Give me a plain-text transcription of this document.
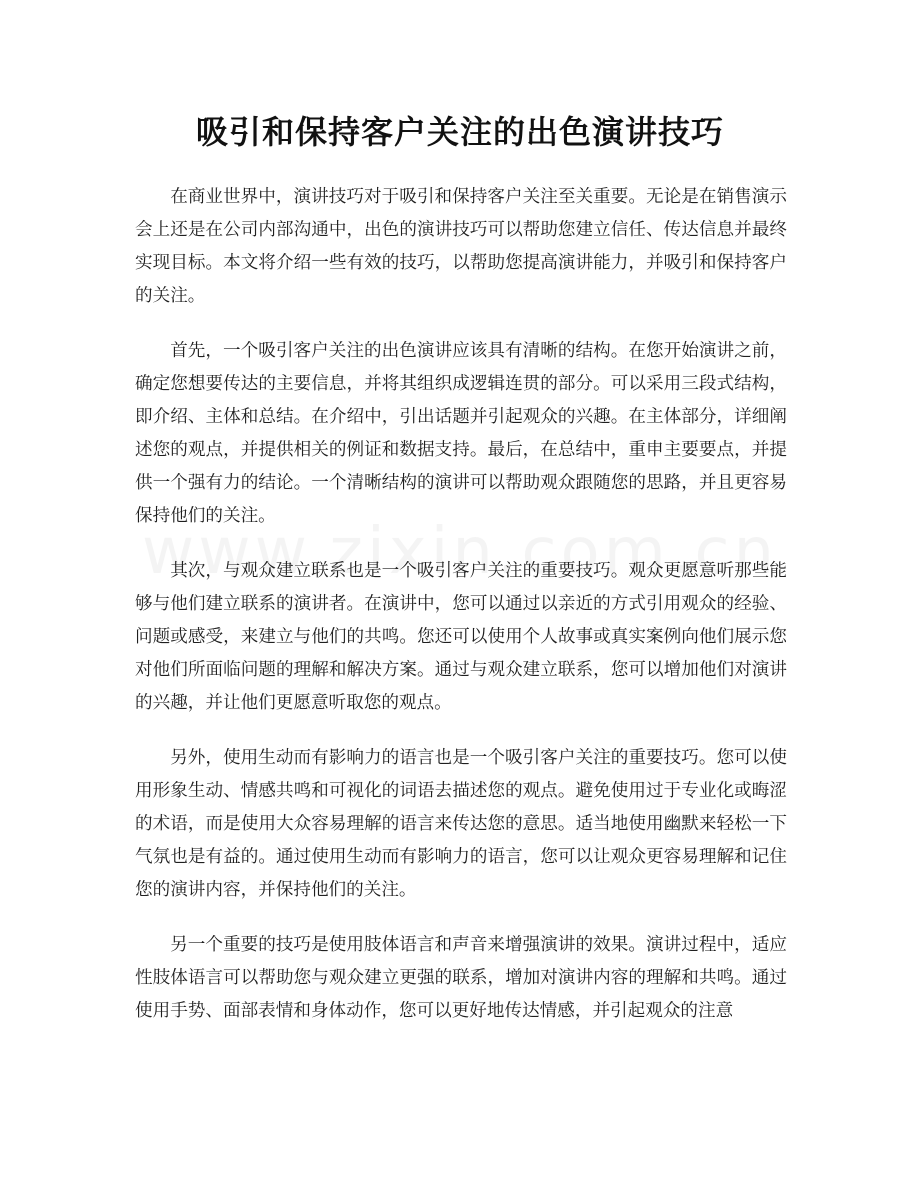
吸引和保持客户关注的出色演讲技巧

在商业世界中，演讲技巧对于吸引和保持客户关注至关重要。无论是在销售演示会上还是在公司内部沟通中，出色的演讲技巧可以帮助您建立信任、传达信息并最终实现目标。本文将介绍一些有效的技巧，以帮助您提高演讲能力，并吸引和保持客户的关注。

首先，一个吸引客户关注的出色演讲应该具有清晰的结构。在您开始演讲之前，确定您想要传达的主要信息，并将其组织成逻辑连贯的部分。可以采用三段式结构，即介绍、主体和总结。在介绍中，引出话题并引起观众的兴趣。在主体部分，详细阐述您的观点，并提供相关的例证和数据支持。最后，在总结中，重申主要要点，并提供一个强有力的结论。一个清晰结构的演讲可以帮助观众跟随您的思路，并且更容易保持他们的关注。

其次，与观众建立联系也是一个吸引客户关注的重要技巧。观众更愿意听那些能够与他们建立联系的演讲者。在演讲中，您可以通过以亲近的方式引用观众的经验、问题或感受，来建立与他们的共鸣。您还可以使用个人故事或真实案例向他们展示您对他们所面临问题的理解和解决方案。通过与观众建立联系，您可以增加他们对演讲的兴趣，并让他们更愿意听取您的观点。

另外，使用生动而有影响力的语言也是一个吸引客户关注的重要技巧。您可以使用形象生动、情感共鸣和可视化的词语去描述您的观点。避免使用过于专业化或晦涩的术语，而是使用大众容易理解的语言来传达您的意思。适当地使用幽默来轻松一下气氛也是有益的。通过使用生动而有影响力的语言，您可以让观众更容易理解和记住您的演讲内容，并保持他们的关注。

另一个重要的技巧是使用肢体语言和声音来增强演讲的效果。演讲过程中，适应性肢体语言可以帮助您与观众建立更强的联系，增加对演讲内容的理解和共鸣。通过使用手势、面部表情和身体动作，您可以更好地传达情感，并引起观众的注意
